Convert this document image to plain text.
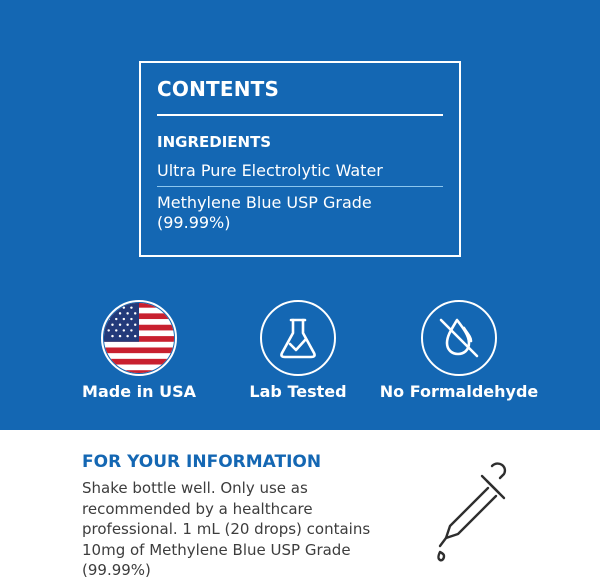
CONTENTS
INGREDIENTS
Ultra Pure Electrolytic Water
Methylene Blue USP Grade (99.99%)
Made in USA	Lab Tested	No Formaldehyde
FOR YOUR INFORMATION
Shake bottle well. Only use as recommended by a healthcare professional. 1 mL (20 drops) contains 10mg of Methylene Blue USP Grade (99.99%)
